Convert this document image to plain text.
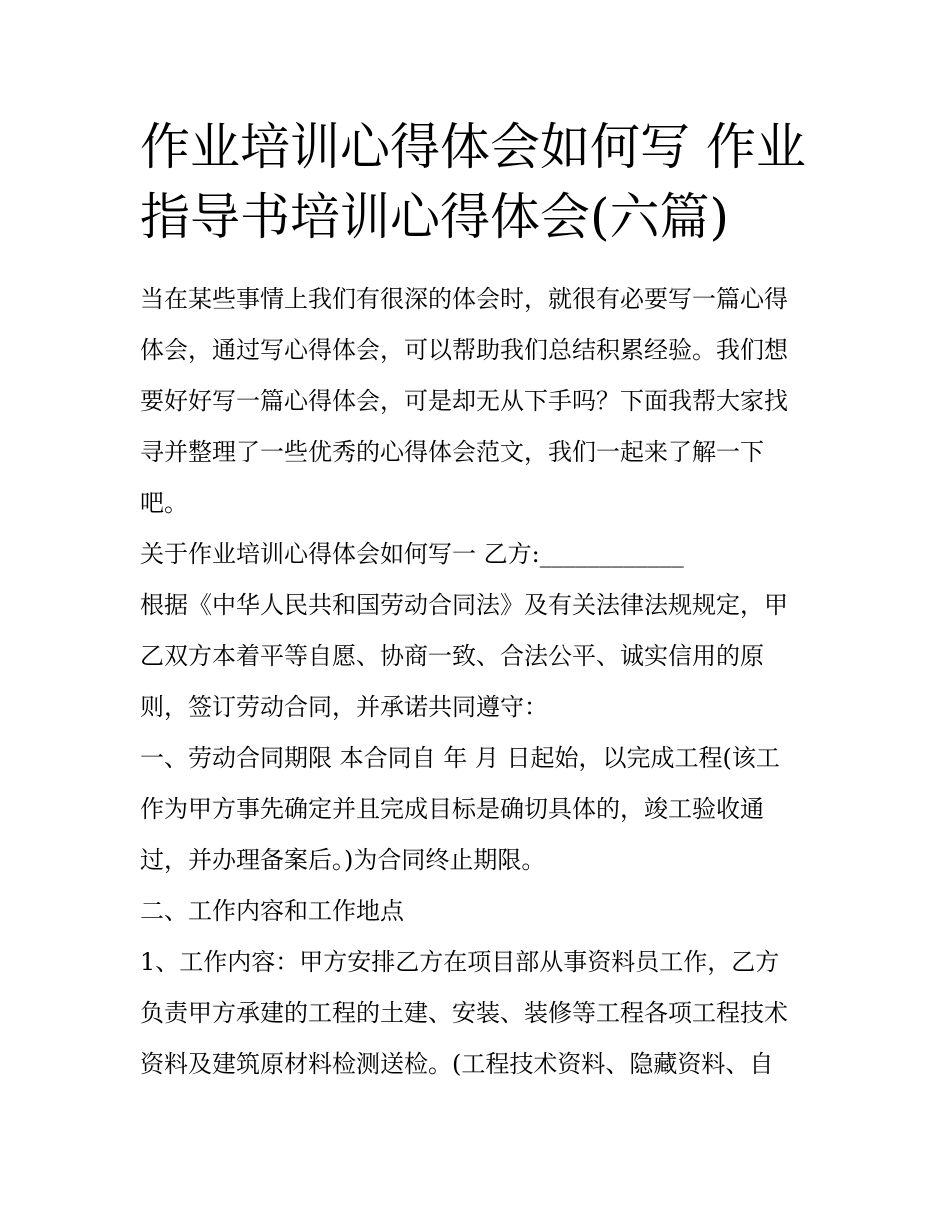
作业培训心得体会如何写 作业
指导书培训心得体会(六篇)
当在某些事情上我们有很深的体会时，就很有必要写一篇心得
体会，通过写心得体会，可以帮助我们总结积累经验。我们想
要好好写一篇心得体会，可是却无从下手吗？下面我帮大家找
寻并整理了一些优秀的心得体会范文，我们一起来了解一下
吧。
关于作业培训心得体会如何写一 乙方:____________
根据《中华人民共和国劳动合同法》及有关法律法规规定，甲
乙双方本着平等自愿、协商一致、合法公平、诚实信用的原
则，签订劳动合同，并承诺共同遵守：
一、劳动合同期限 本合同自 年 月 日起始，以完成工程(该工
作为甲方事先确定并且完成目标是确切具体的，竣工验收通
过，并办理备案后。)为合同终止期限。
二、工作内容和工作地点
1、工作内容：甲方安排乙方在项目部从事资料员工作，乙方
负责甲方承建的工程的土建、安装、装修等工程各项工程技术
资料及建筑原材料检测送检。(工程技术资料、隐藏资料、自
